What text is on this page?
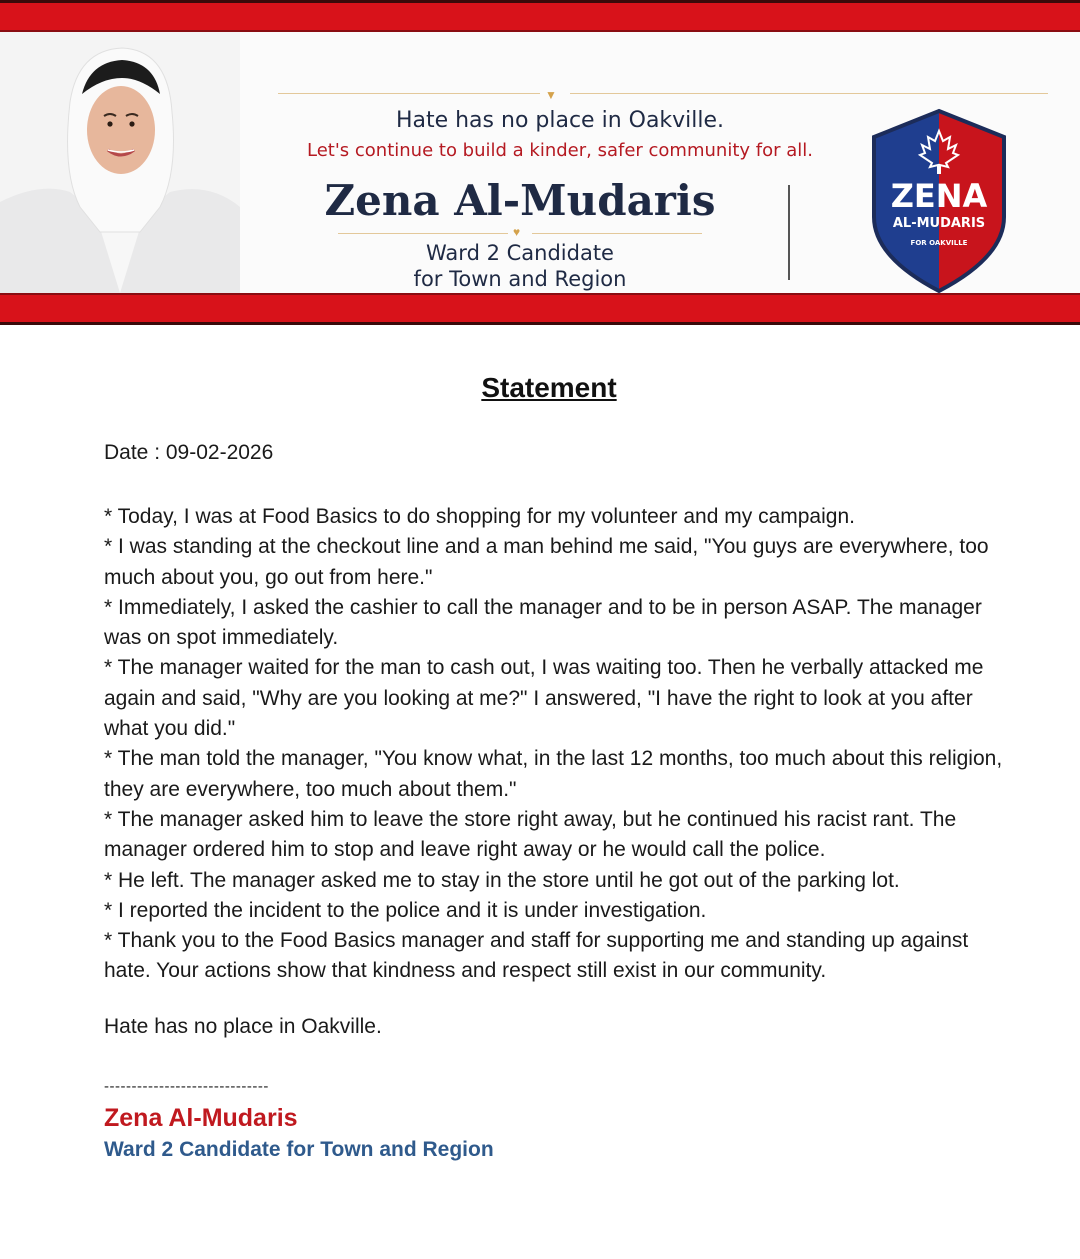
▼
Hate has no place in Oakville.
Let's continue to build a kinder, safer community for all.
Zena Al-Mudaris
♥
Ward 2 Candidate
for Town and Region
ZENA
AL-MUDARIS
FOR OAKVILLE
Statement
Date : 09-02-2026

* Today, I was at Food Basics to do shopping for my volunteer and my campaign.

* I was standing at the checkout line and a man behind me said, "You guys are everywhere, too much about you, go out from here."

* Immediately, I asked the cashier to call the manager and to be in person ASAP. The manager was on spot immediately.

* The manager waited for the man to cash out, I was waiting too. Then he verbally attacked me again and said, "Why are you looking at me?" I answered, "I have the right to look at you after what you did."

* The man told the manager, "You know what, in the last 12 months, too much about this religion, they are everywhere, too much about them."

* The manager asked him to leave the store right away, but he continued his racist rant. The manager ordered him to stop and leave right away or he would call the police.

* He left. The manager asked me to stay in the store until he got out of the parking lot.

* I reported the incident to the police and it is under investigation.

* Thank you to the Food Basics manager and staff for supporting me and standing up against hate. Your actions show that kindness and respect still exist in our community.

Hate has no place in Oakville.
------------------------------
Zena Al-Mudaris
Ward 2 Candidate for Town and Region
